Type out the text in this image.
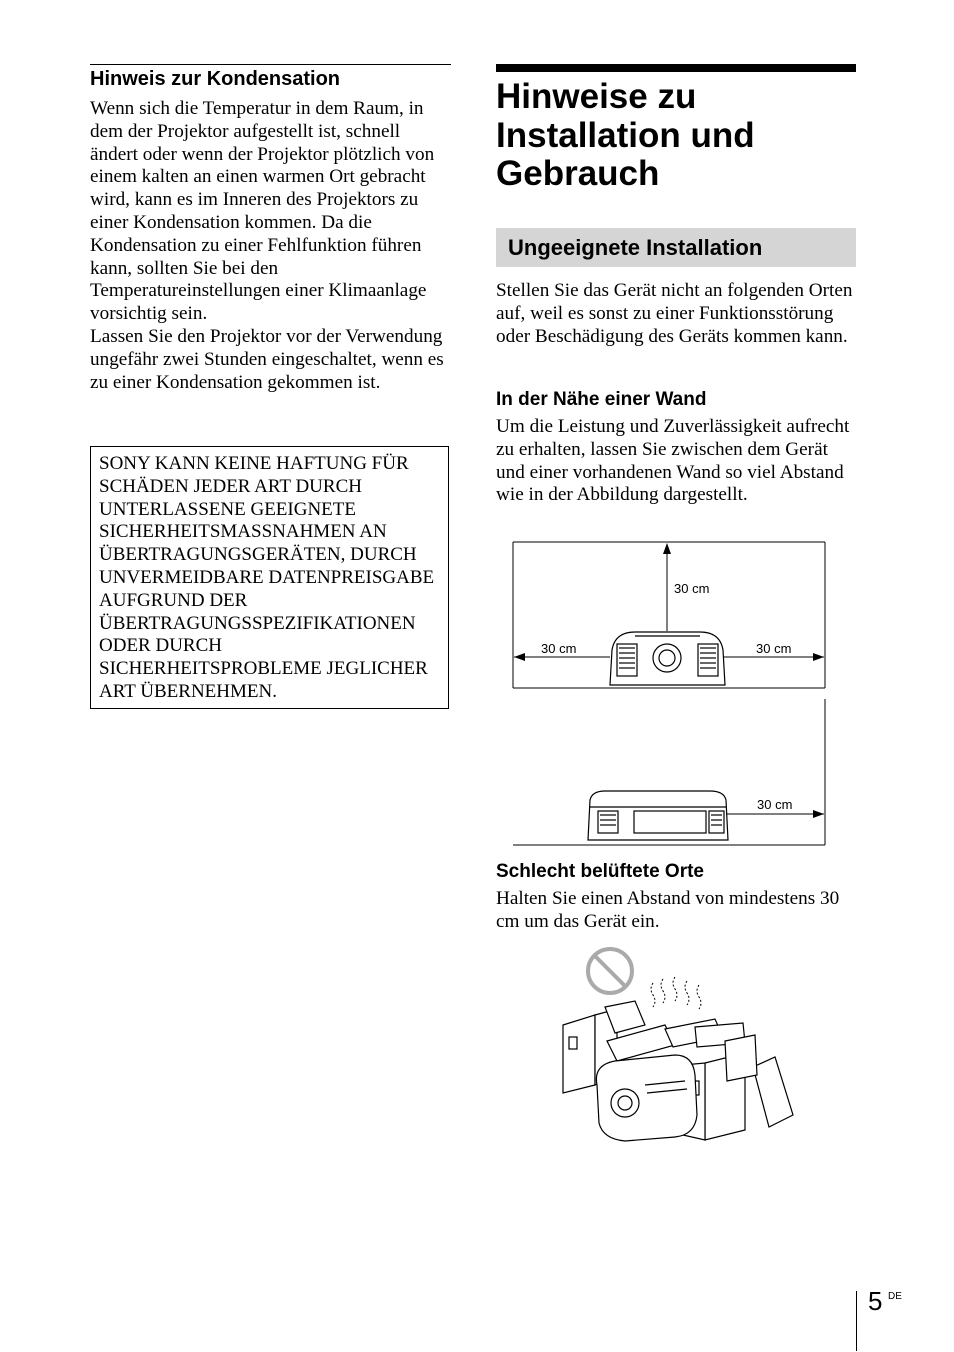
Hinweis zur Kondensation

Wenn sich die Temperatur in dem Raum, in dem der Projektor aufgestellt ist, schnell ändert oder wenn der Projektor plötzlich von einem kalten an einen warmen Ort gebracht wird, kann es im Inneren des Projektors zu einer Kondensation kommen. Da die Kondensation zu einer Fehlfunktion führen kann, sollten Sie bei den Temperatureinstellungen einer Klimaanlage vorsichtig sein.

Lassen Sie den Projektor vor der Verwendung ungefähr zwei Stunden eingeschaltet, wenn es zu einer Kondensation gekommen ist.

SONY KANN KEINE HAFTUNG FÜR SCHÄDEN JEDER ART DURCH UNTERLASSENE GEEIGNETE SICHERHEITSMASSNAHMEN AN ÜBERTRAGUNGSGERÄTEN, DURCH UNVERMEIDBARE DATENPREISGABE AUFGRUND DER ÜBERTRAGUNGSSPEZIFIKATIONEN ODER DURCH SICHERHEITSPROBLEME JEGLICHER ART ÜBERNEHMEN.
Hinweise zu Installation und Gebrauch
Ungeeignete Installation

Stellen Sie das Gerät nicht an folgenden Orten auf, weil es sonst zu einer Funktionsstörung oder Beschädigung des Geräts kommen kann.

In der Nähe einer Wand

Um die Leistung und Zuverlässigkeit aufrecht zu erhalten, lassen Sie zwischen dem Gerät und einer vorhandenen Wand so viel Abstand wie in der Abbildung dargestellt.

30 cm
30 cm	30 cm
30 cm
Schlecht belüftete Orte

Halten Sie einen Abstand von mindestens 30 cm um das Gerät ein.

5 DE
